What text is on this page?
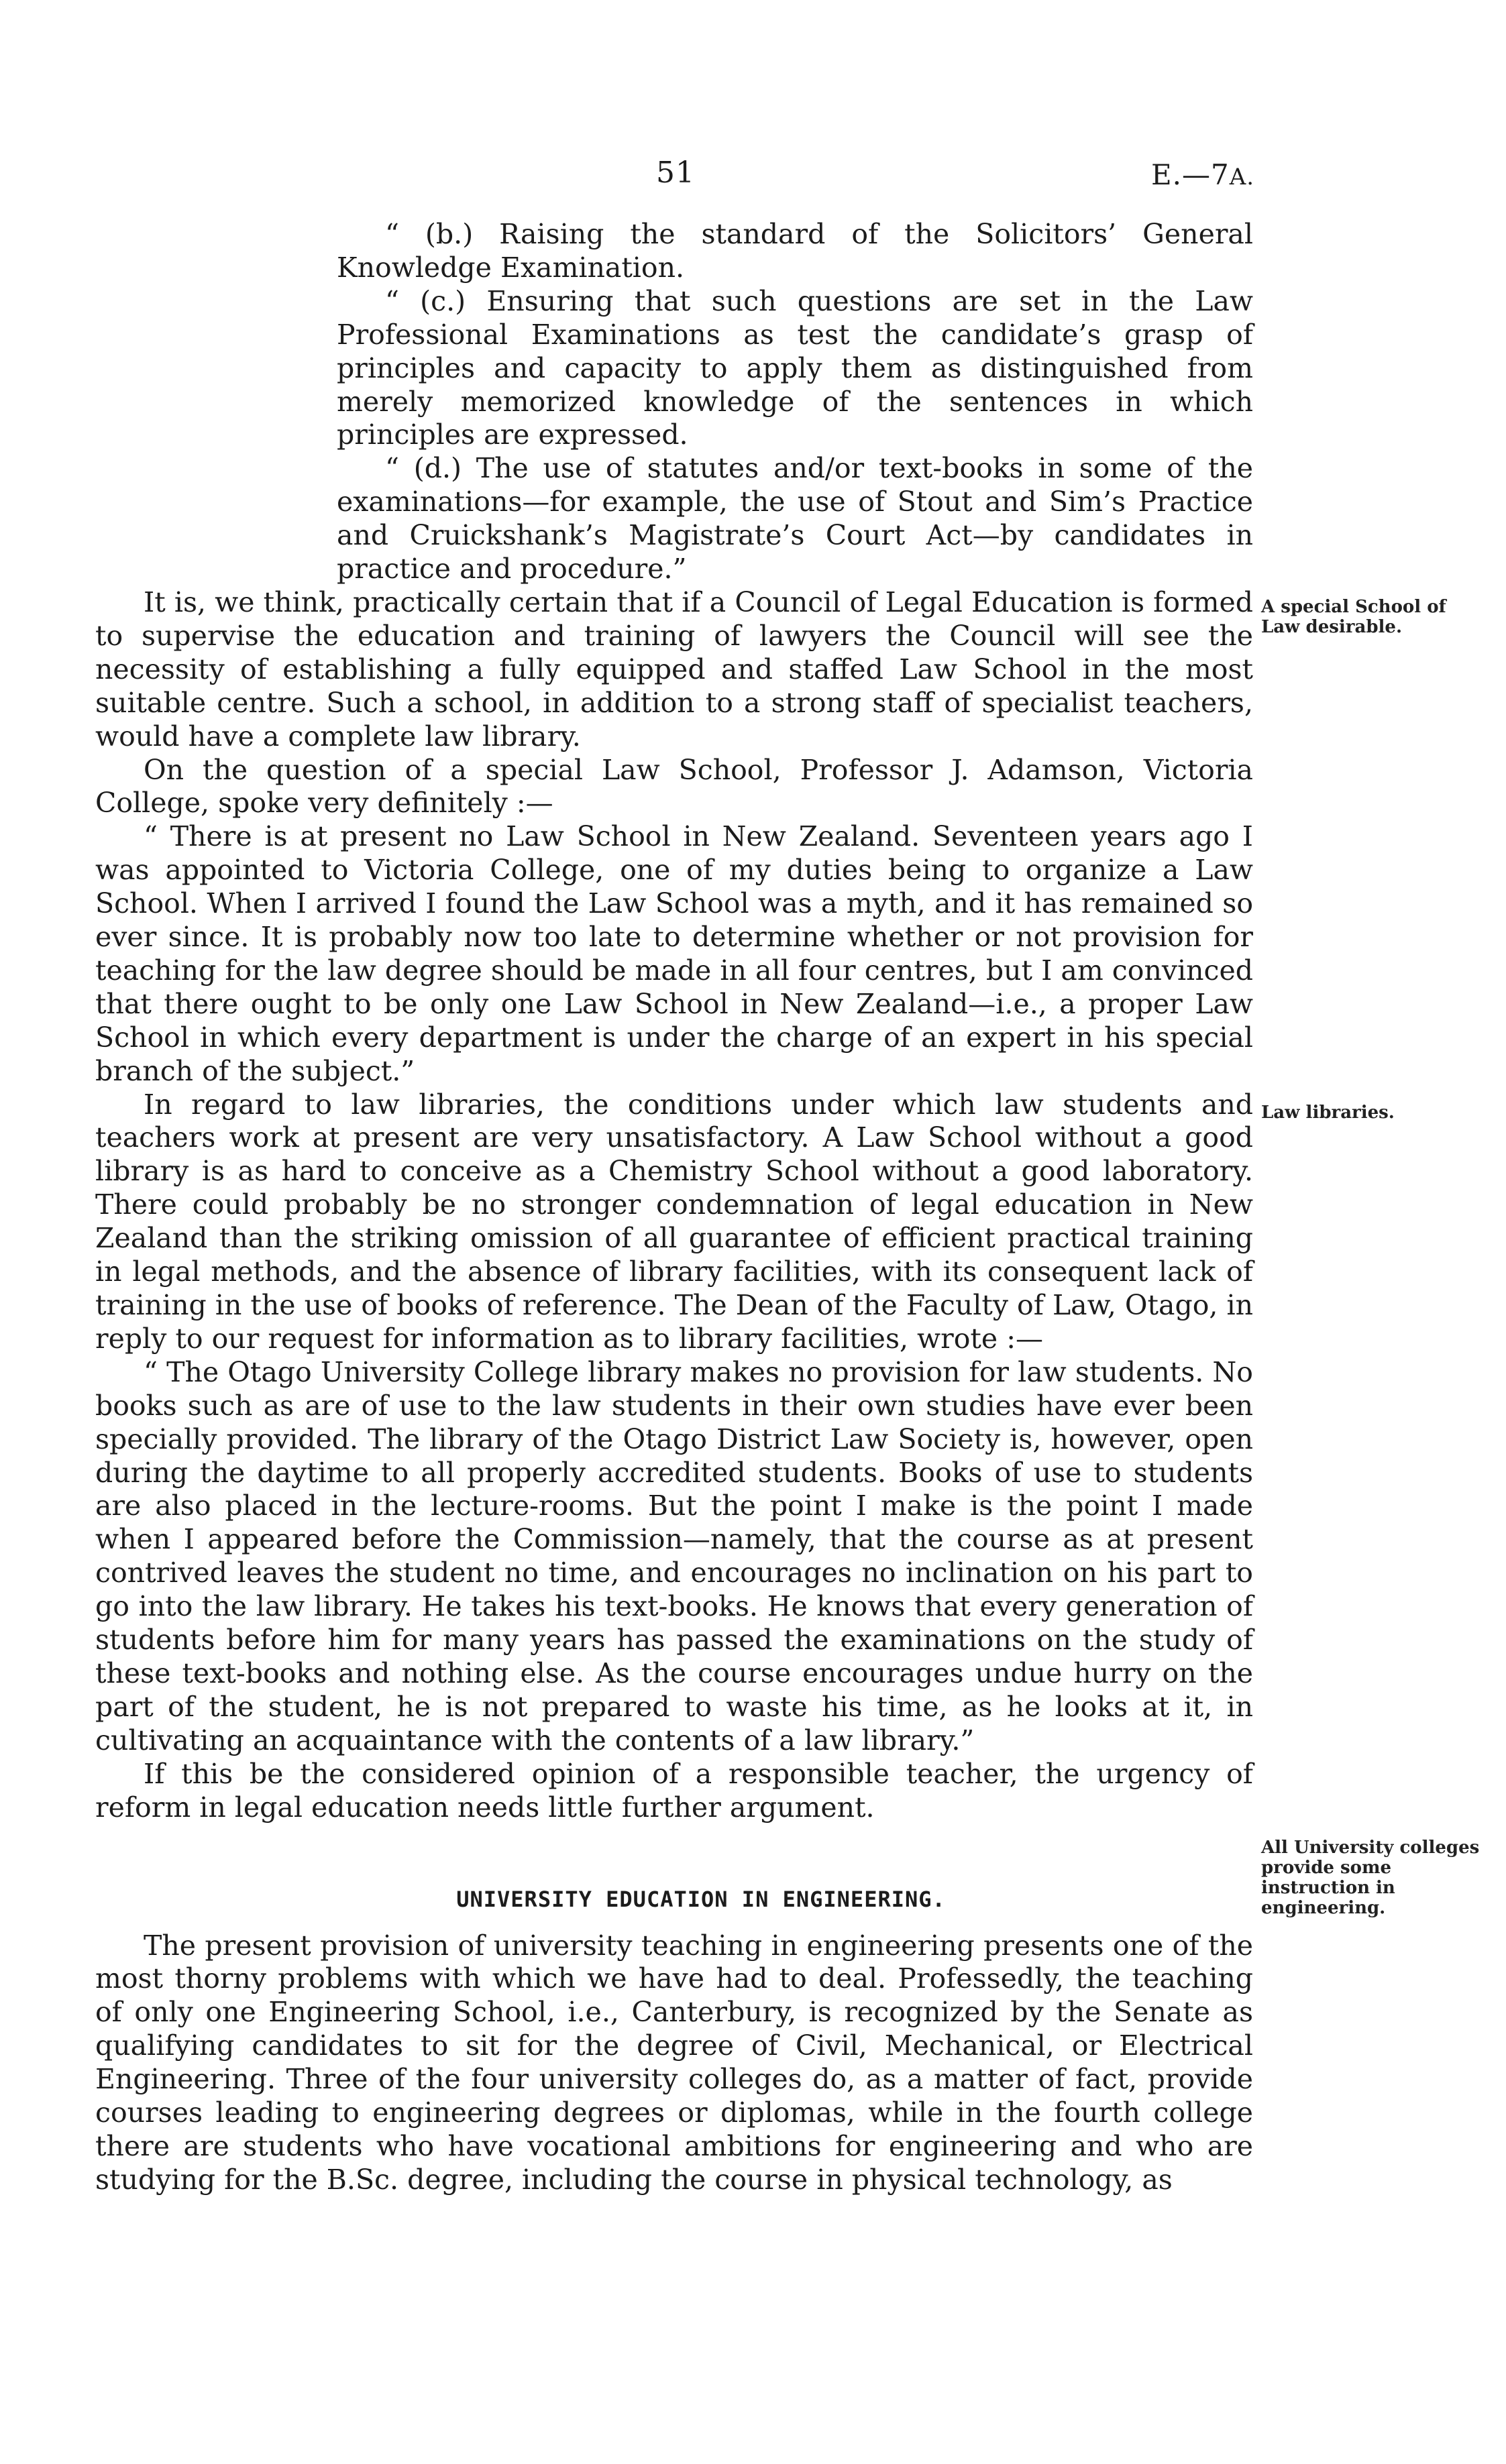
51	E.—7A.

“ (b.) Raising the standard of the Solicitors’ General Knowledge Examination.

“ (c.) Ensuring that such questions are set in the Law Professional Examinations as test the candidate’s grasp of principles and capacity to apply them as distinguished from merely memorized knowledge of the sentences in which principles are expressed.

“ (d.) The use of statutes and/or text-books in some of the examinations—for example, the use of Stout and Sim’s Practice and Cruickshank’s Magistrate’s Court Act—by candidates in practice and procedure.”

It is, we think, practically certain that if a Council of Legal Education is formed to supervise the education and training of lawyers the Council will see the necessity of establishing a fully equipped and staffed Law School in the most suitable centre. Such a school, in addition to a strong staff of specialist teachers, would have a complete law library.

On the question of a special Law School, Professor J. Adamson, Victoria College, spoke very definitely :—

“ There is at present no Law School in New Zealand. Seventeen years ago I was appointed to Victoria College, one of my duties being to organize a Law School. When I arrived I found the Law School was a myth, and it has remained so ever since. It is probably now too late to determine whether or not provision for teaching for the law degree should be made in all four centres, but I am convinced that there ought to be only one Law School in New Zealand—i.e., a proper Law School in which every department is under the charge of an expert in his special branch of the subject.”

In regard to law libraries, the conditions under which law students and teachers work at present are very unsatisfactory. A Law School without a good library is as hard to conceive as a Chemistry School without a good laboratory. There could probably be no stronger condemnation of legal education in New Zealand than the striking omission of all guarantee of efficient practical training in legal methods, and the absence of library facilities, with its consequent lack of training in the use of books of reference. The Dean of the Faculty of Law, Otago, in reply to our request for information as to library facilities, wrote :—

“ The Otago University College library makes no provision for law students. No books such as are of use to the law students in their own studies have ever been specially provided. The library of the Otago District Law Society is, however, open during the daytime to all properly accredited students. Books of use to students are also placed in the lecture-rooms. But the point I make is the point I made when I appeared before the Commission—namely, that the course as at present contrived leaves the student no time, and encourages no inclination on his part to go into the law library. He takes his text-books. He knows that every generation of students before him for many years has passed the examinations on the study of these text-books and nothing else. As the course encourages undue hurry on the part of the student, he is not prepared to waste his time, as he looks at it, in cultivating an acquaintance with the contents of a law library.”

If this be the considered opinion of a responsible teacher, the urgency of reform in legal education needs little further argument.

UNIVERSITY EDUCATION IN ENGINEERING.

The present provision of university teaching in engineering presents one of the most thorny problems with which we have had to deal. Professedly, the teaching of only one Engineering School, i.e., Canterbury, is recognized by the Senate as qualifying candidates to sit for the degree of Civil, Mechanical, or Electrical Engineering. Three of the four university colleges do, as a matter of fact, provide courses leading to engineering degrees or diplomas, while in the fourth college there are students who have vocational ambitions for engineering and who are studying for the B.Sc. degree, including the course in physical technology, as

A special School of Law desirable.
Law libraries.
All University colleges provide some instruction in engineering.
